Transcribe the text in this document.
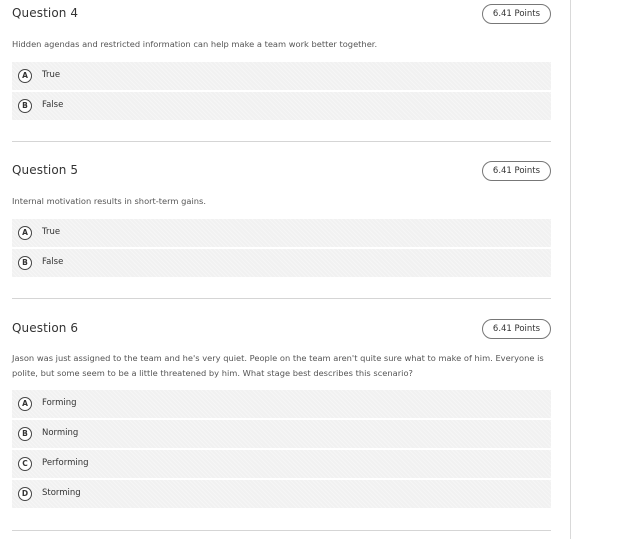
Question 4	6.41 Points
Hidden agendas and restricted information can help make a team work better together.
A	True
B	False
Question 5	6.41 Points
Internal motivation results in short-term gains.
A	True
B	False
Question 6	6.41 Points
Jason was just assigned to the team and he's very quiet. People on the team aren't quite sure what to make of him. Everyone is polite, but some seem to be a little threatened by him. What stage best describes this scenario?
A	Forming
B	Norming
C	Performing
D	Storming
